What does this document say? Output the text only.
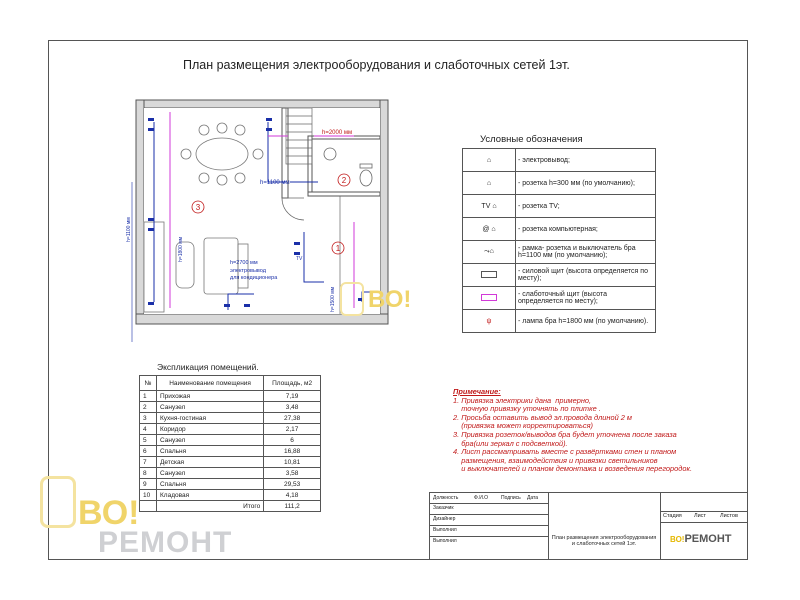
План размещения электрооборудования и слаботочных сетей 1эт.
3
2
1
h=2000 мм
h=1100 мм
h=2700 мм
электровывод для кондиционера
TV
h=1800 мм
h=1500 мм
h=1100 мм
Условные обозначения
⌂	- электровывод;
⌂	- розетка h=300 мм (по умолчанию);
TV ⌂	- розетка TV;
@ ⌂	- розетка компьютерная;
⤳⌂	- рамка- розетка и выключатель бра h=1100 мм (по умолчанию);
	- силовой щит (высота определяется по месту);
	- слаботочный щит (высота определяется по месту);
ψ	- лампа бра h=1800 мм (по умолчанию).
Экспликация помещений.
№	Наименование помещения	Площадь, м2
1	Прихожая	7,19
2	Санузел	3,48
3	Кухня-гостиная	27,38
4	Коридор	2,17
5	Санузел	6
6	Спальня	16,88
7	Детская	10,81
8	Санузел	3,58
9	Спальня	29,53
10	Кладовая	4,18
	Итого	111,2
Примечание:
1. Привязка электрики дана  примерно,
точную привязку уточнять по плитке .
2. Просьба оставить вывод эл.провода длиной 2 м
(привязка может корректироваться)
3. Привязка розеток/выводов бра будет уточнена после заказа
бра(или зеркал с подсветкой).
4. Лист рассматривать вместе с развёртками стен и планом
размещения, взаимодействия и привязки светильников
и выключателей и планом демонтажа и возведения перегородок.
Должность	Ф.И.О	Подпись Дата
Заказчик
Дизайнер
Выполнил
Выполнил	План размещения электрооборудования
и слаботочных сетей 1эт.
Стадия Лист	Листов
ВО!РЕМОНТ
ВО!
РЕМОНТ
ВО!
